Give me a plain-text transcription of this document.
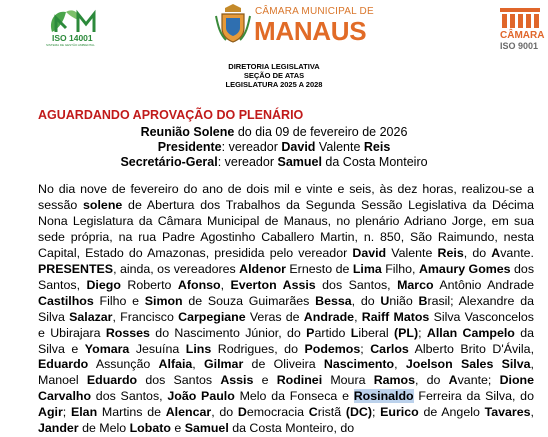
ISO 14001
SISTEMA DE GESTÃO AMBIENTAL
CÂMARA MUNICIPAL DE
MANAUS	CÂMARA
ISO 9001
DIRETORIA LEGISLATIVA
SEÇÃO DE ATAS
LEGISLATURA 2025 A 2028
AGUARDANDO APROVAÇÃO DO PLENÁRIO
Reunião Solene do dia 09 de fevereiro de 2026
Presidente: vereador David Valente Reis
Secretário-Geral: vereador Samuel da Costa Monteiro
No dia nove de fevereiro do ano de dois mil e vinte e seis, às dez horas, realizou-se a sessão solene de Abertura dos Trabalhos da Segunda Sessão Legislativa da Décima Nona Legislatura da Câmara Municipal de Manaus, no plenário Adriano Jorge, em sua sede própria, na rua Padre Agostinho Caballero Martin, n. 850, São Raimundo, nesta Capital, Estado do Amazonas, presidida pelo vereador David Valente Reis, do Avante. PRESENTES, ainda, os vereadores Aldenor Ernesto de Lima Filho, Amaury Gomes dos Santos, Diego Roberto Afonso, Everton Assis dos Santos, Marco Antônio Andrade Castilhos Filho e Simon de Souza Guimarães Bessa, do União Brasil; Alexandre da Silva Salazar, Francisco Carpegiane Veras de Andrade, Raiff Matos Silva Vasconcelos e Ubirajara Rosses do Nascimento Júnior, do Partido Liberal (PL); Allan Campelo da Silva e Yomara Jesuína Lins Rodrigues, do Podemos; Carlos Alberto Brito D'Ávila, Eduardo Assunção Alfaia, Gilmar de Oliveira Nascimento, Joelson Sales Silva, Manoel Eduardo dos Santos Assis e Rodinei Moura Ramos, do Avante; Dione Carvalho dos Santos, João Paulo Melo da Fonseca e Rosinaldo Ferreira da Silva, do Agir; Elan Martins de Alencar, do Democracia Cristã (DC); Eurico de Angelo Tavares, Jander de Melo Lobato e Samuel da Costa Monteiro, do
